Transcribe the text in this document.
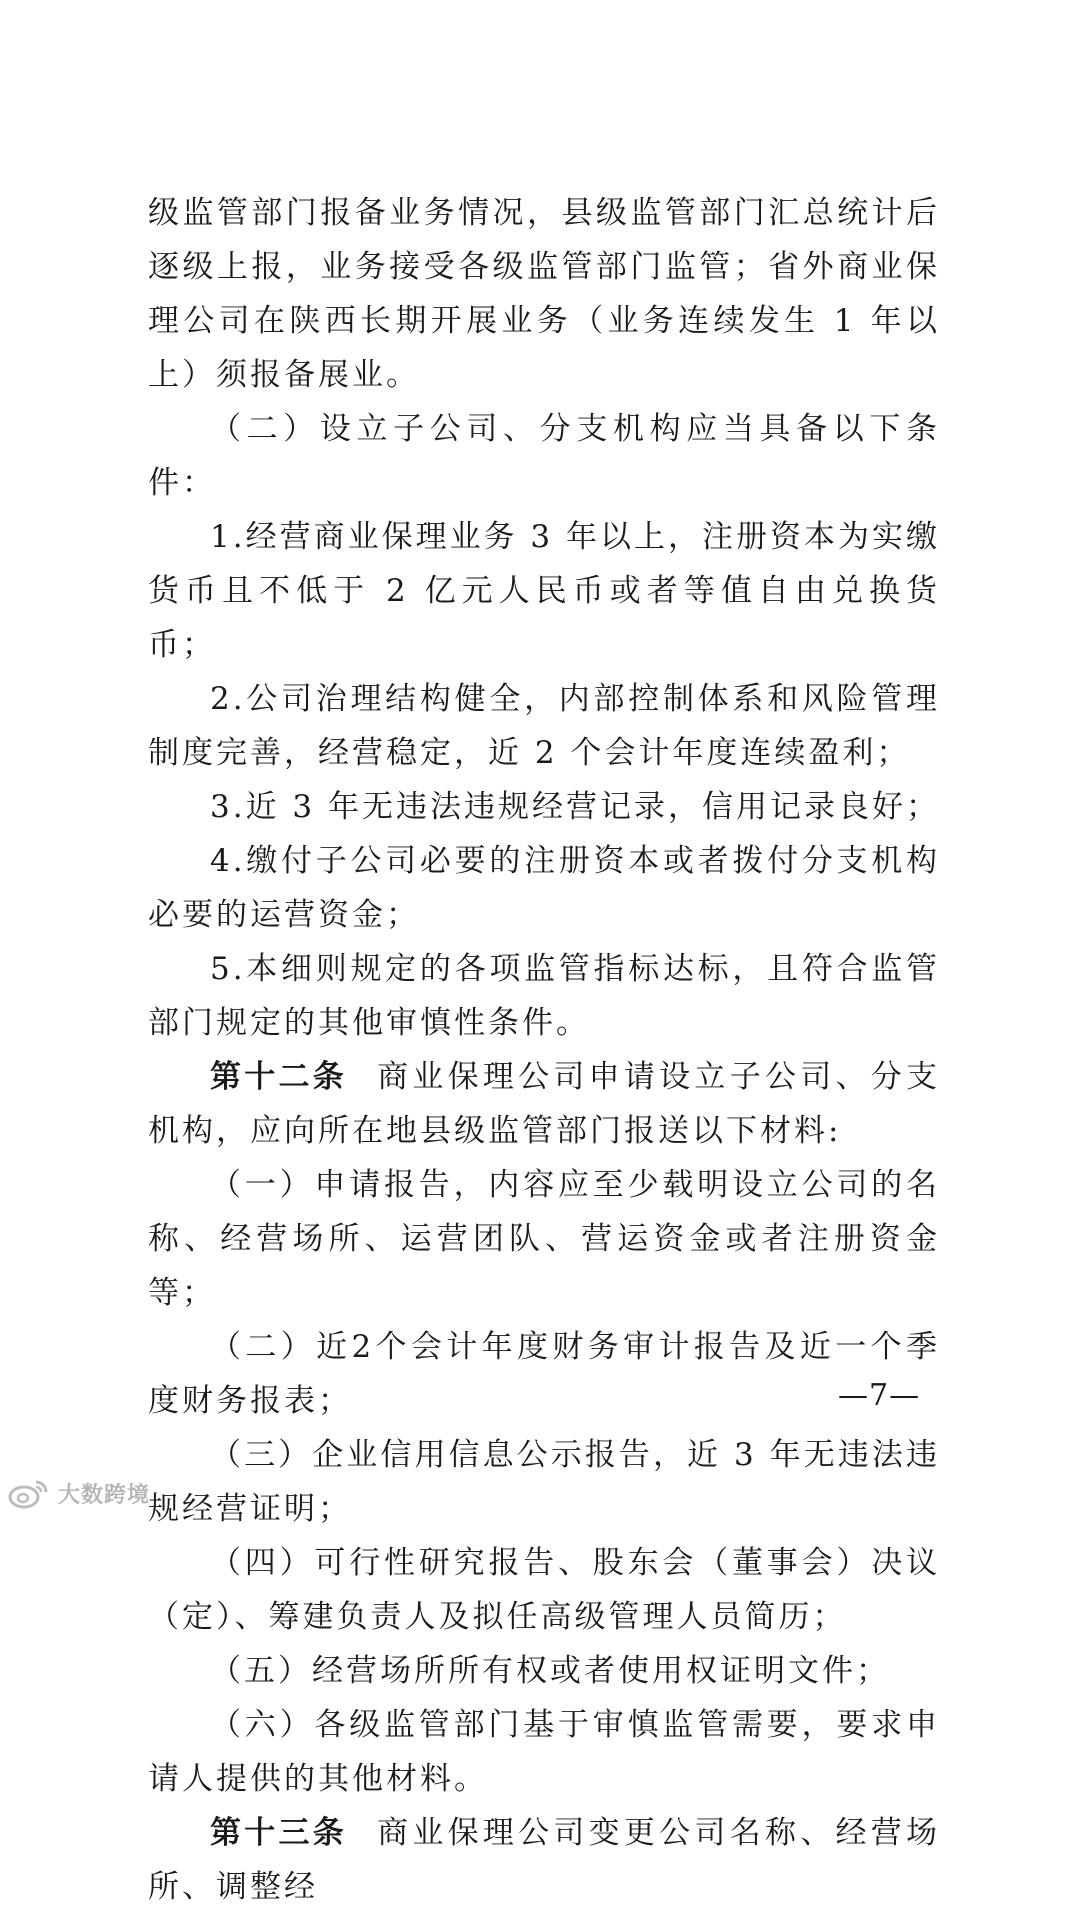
级监管部门报备业务情况，县级监管部门汇总统计后逐级上报，业务接受各级监管部门监管；省外商业保理公司在陕西长期开展业务（业务连续发生 1 年以上）须报备展业。

（二）设立子公司、分支机构应当具备以下条件：

1.经营商业保理业务 3 年以上，注册资本为实缴货币且不低于 2 亿元人民币或者等值自由兑换货币；

2.公司治理结构健全，内部控制体系和风险管理制度完善，经营稳定，近 2 个会计年度连续盈利；

3.近 3 年无违法违规经营记录，信用记录良好；

4.缴付子公司必要的注册资本或者拨付分支机构必要的运营资金；

5.本细则规定的各项监管指标达标，且符合监管部门规定的其他审慎性条件。

第十二条 商业保理公司申请设立子公司、分支机构，应向所在地县级监管部门报送以下材料:

（一）申请报告，内容应至少载明设立公司的名称、经营场所、运营团队、营运资金或者注册资金等；

（二）近2个会计年度财务审计报告及近一个季度财务报表；

（三）企业信用信息公示报告，近 3 年无违法违规经营证明；

（四）可行性研究报告、股东会（董事会）决议（定）、筹建负责人及拟任高级管理人员简历；

（五）经营场所所有权或者使用权证明文件；

（六）各级监管部门基于审慎监管需要，要求申请人提供的其他材料。

第十三条 商业保理公司变更公司名称、经营场所、调整经

—7—
大数跨境
